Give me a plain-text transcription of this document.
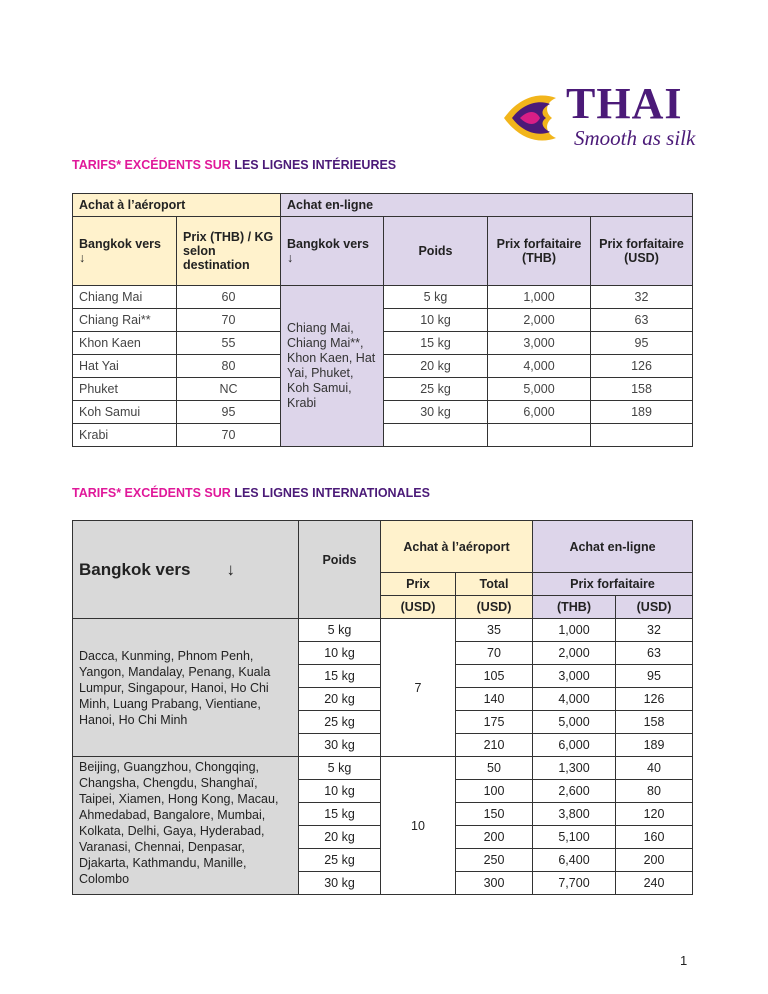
THAI
Smooth as silk
TARIFS* EXCÉDENTS SUR LES LIGNES INTÉRIEURES
Achat à l’aéroport		Achat en-ligne			
Bangkok vers ↓	Prix (THB) / KG selon destination	Bangkok vers ↓	Poids	Prix forfaitaire (THB)	Prix forfaitaire (USD)
Chiang Mai	60	Chiang Mai, Chiang Mai**, Khon Kaen, Hat Yai, Phuket, Koh Samui, Krabi	5 kg	1,000	32
Chiang Rai**	70		10 kg	2,000	63
Khon Kaen	55		15 kg	3,000	95
Hat Yai	80		20 kg	4,000	126
Phuket	NC		25 kg	5,000	158
Koh Samui	95		30 kg	6,000	189
Krabi	70				
TARIFS* EXCÉDENTS SUR LES LIGNES INTERNATIONALES
Bangkok vers ↓	Poids	Achat à l’aéroport		Achat en-ligne	
		Prix	Total	Prix forfaitaire	
		(USD)	(USD)	(THB)	(USD)
Dacca, Kunming, Phnom Penh, Yangon, Mandalay, Penang, Kuala Lumpur, Singapour, Hanoi, Ho Chi Minh, Luang Prabang, Vientiane, Hanoi, Ho Chi Minh	5 kg	7	35	1,000	32
	10 kg		70	2,000	63
	15 kg		105	3,000	95
	20 kg		140	4,000	126
	25 kg		175	5,000	158
	30 kg		210	6,000	189
Beijing, Guangzhou, Chongqing, Changsha, Chengdu, Shanghaï, Taipei, Xiamen, Hong Kong, Macau, Ahmedabad, Bangalore, Mumbai, Kolkata, Delhi, Gaya, Hyderabad, Varanasi, Chennai, Denpasar, Djakarta, Kathmandu, Manille, Colombo	5 kg	10	50	1,300	40
	10 kg		100	2,600	80
	15 kg		150	3,800	120
	20 kg		200	5,100	160
	25 kg		250	6,400	200
	30 kg		300	7,700	240
1
